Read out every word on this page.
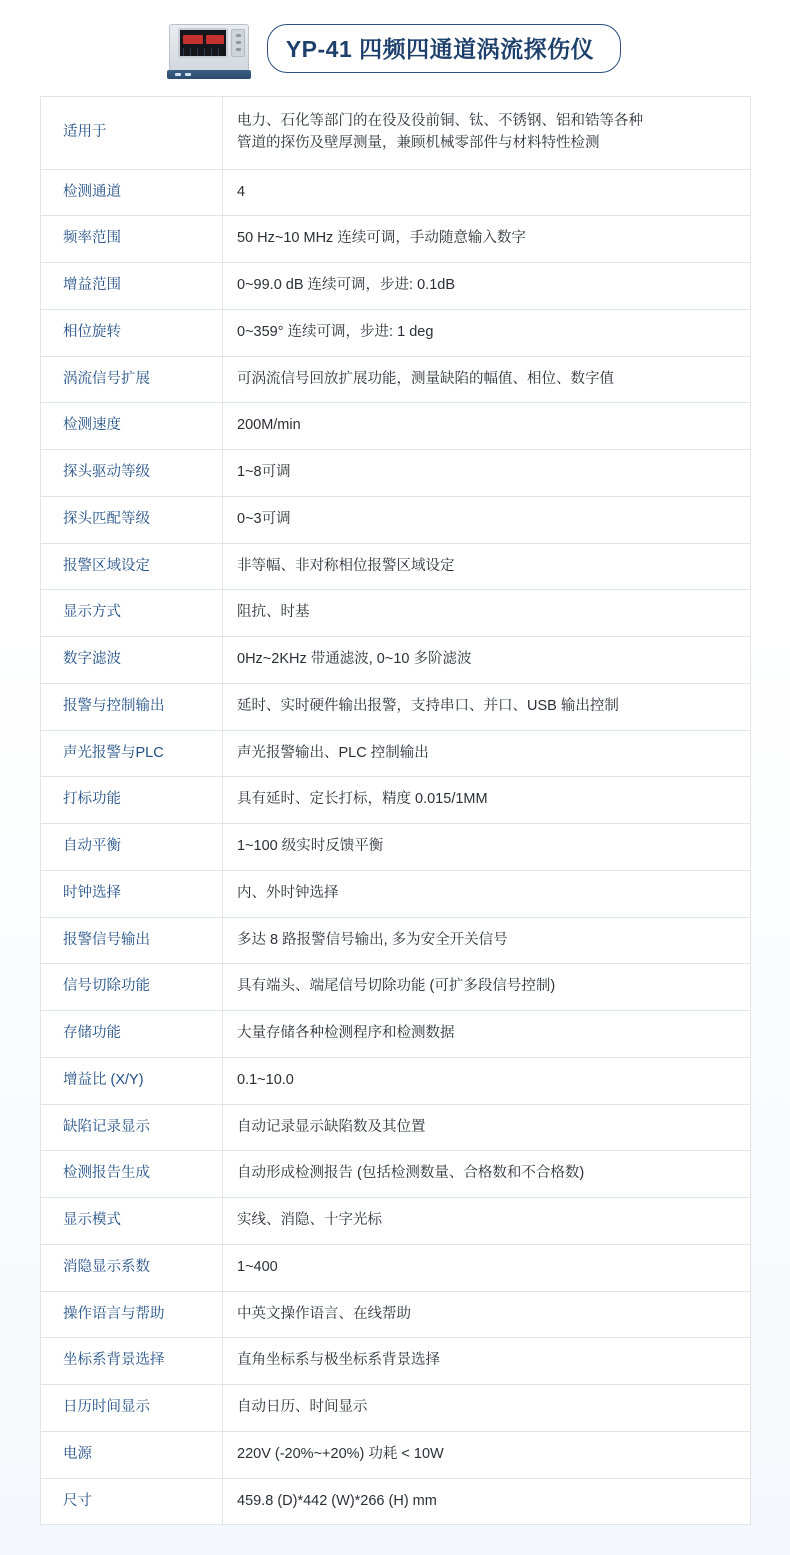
YP-41 四频四通道涡流探伤仪
适用于	电力、石化等部门的在役及役前铜、钛、不锈钢、铝和锆等各种
管道的探伤及壁厚测量，兼顾机械零部件与材料特性检测

检测通道	4

频率范围	50 Hz~10 MHz 连续可调，手动随意输入数字

增益范围	0~99.0 dB 连续可调，步进: 0.1dB

相位旋转	0~359° 连续可调，步进: 1 deg

涡流信号扩展	可涡流信号回放扩展功能，测量缺陷的幅值、相位、数字值

检测速度	200M/min

探头驱动等级	1~8可调

探头匹配等级	0~3可调

报警区域设定	非等幅、非对称相位报警区域设定

显示方式	阻抗、时基

数字滤波	0Hz~2KHz 带通滤波, 0~10 多阶滤波

报警与控制输出	延时、实时硬件输出报警，支持串口、并口、USB 输出控制

声光报警与PLC	声光报警输出、PLC 控制输出

打标功能	具有延时、定长打标，精度 0.015/1MM

自动平衡	1~100 级实时反馈平衡

时钟选择	内、外时钟选择

报警信号输出	多达 8 路报警信号输出, 多为安全开关信号

信号切除功能	具有端头、端尾信号切除功能 (可扩多段信号控制)

存储功能	大量存储各种检测程序和检测数据

增益比 (X/Y)	0.1~10.0

缺陷记录显示	自动记录显示缺陷数及其位置

检测报告生成	自动形成检测报告 (包括检测数量、合格数和不合格数)

显示模式	实线、消隐、十字光标

消隐显示系数	1~400

操作语言与帮助	中英文操作语言、在线帮助

坐标系背景选择	直角坐标系与极坐标系背景选择

日历时间显示	自动日历、时间显示

电源	220V (-20%~+20%) 功耗 < 10W

尺寸	459.8 (D)*442 (W)*266 (H) mm
